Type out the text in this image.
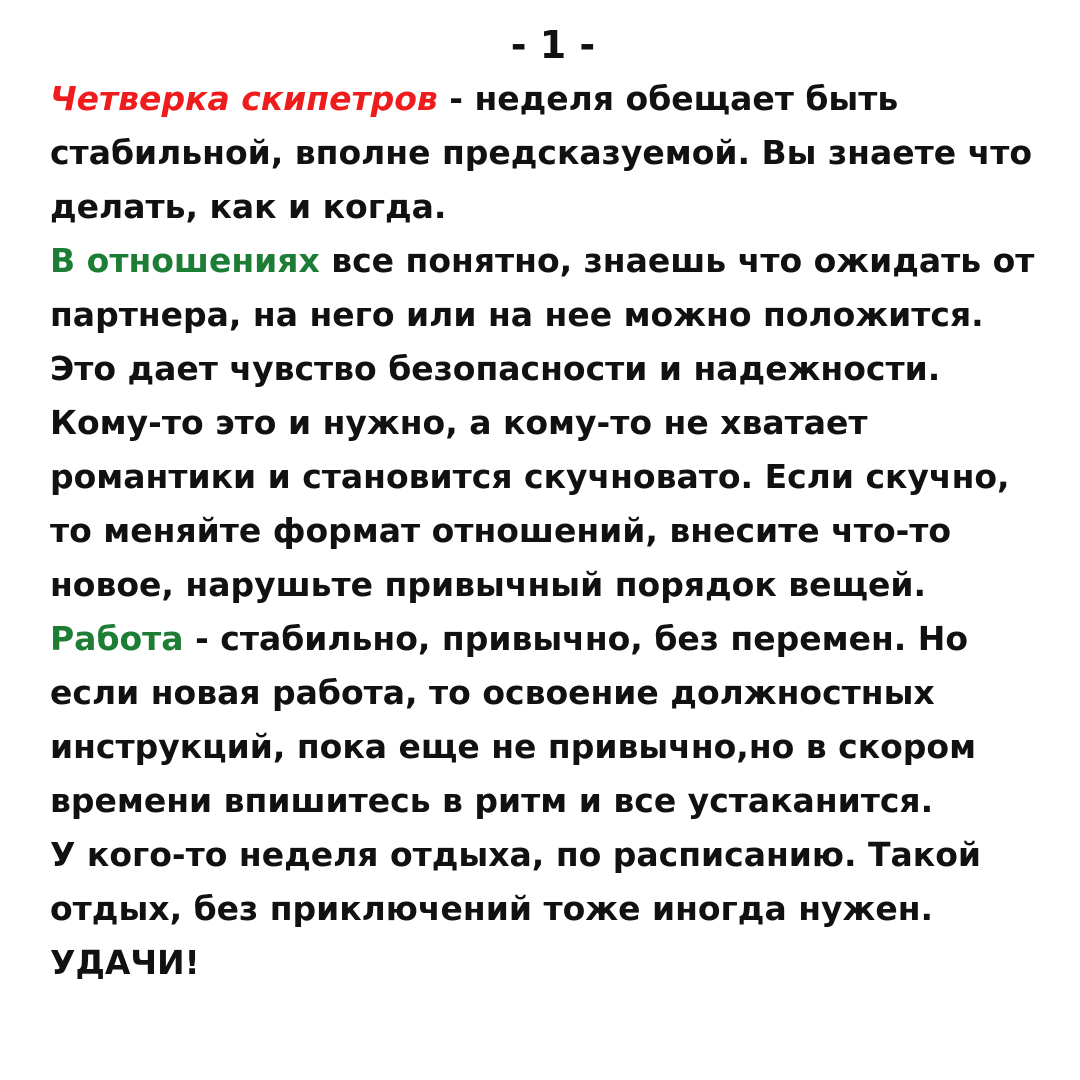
- 1 -

Четверка скипетров - неделя обещает быть стабильной, вполне предсказуемой. Вы знаете что делать, как и когда.

В отношениях все понятно, знаешь что ожидать от партнера, на него или на нее можно положится. Это дает чувство безопасности и надежности. Кому-то это и нужно, а кому-то не хватает романтики и становится скучновато. Если скучно, то меняйте формат отношений, внесите что-то новое, нарушьте привычный порядок вещей.

Работа - стабильно, привычно, без перемен. Но если новая работа, то освоение должностных инструкций, пока еще не привычно,но в скором времени впишитесь в ритм и все устаканится.

У кого-то неделя отдыха, по расписанию. Такой отдых, без приключений тоже иногда нужен.

УДАЧИ!
